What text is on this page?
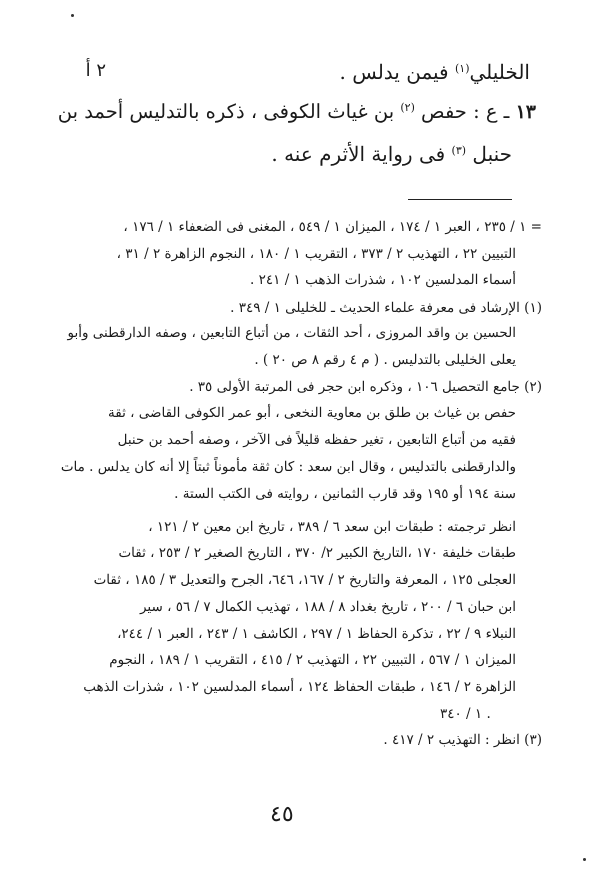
٢ أ	الخليلي$^{(١)}$ فيمن يدلس .
١٣ ـ ع : حفص $^{(٢)}$ بن غياث الكوفى ، ذكره بالتدليس أحمد بن
حنبل $^{(٣)}$ فى رواية الأثرم عنه .
= ١ / ٢٣٥ ، العبر ١ / ١٧٤ ، الميزان ١ / ٥٤٩ ، المغنى فى الضعفاء ١ / ١٧٦ ،
التبيين ٢٢ ، التهذيب ٢ / ٣٧٣ ، التقريب ١ / ١٨٠ ، النجوم الزاهرة ٢ / ٣١ ،
أسماء المدلسين ١٠٢ ، شذرات الذهب ١ / ٢٤١ .
(١) الإرشاد فى معرفة علماء الحديث ـ للخليلى ١ / ٣٤٩ .
الحسين بن واقد المروزى ، أحد الثقات ، من أتباع التابعين ، وصفه الدارقطنى وأبو
يعلى الخليلى بالتدليس . ( م ٤ رقم ٨ ص ٢٠ ) .
(٢) جامع التحصيل ١٠٦ ، وذكره ابن حجر فى المرتبة الأولى ٣٥ .
حفص بن غياث بن طلق بن معاوية النخعى ، أبو عمر الكوفى القاضى ، ثقة
فقيه من أتباع التابعين ، تغير حفظه قليلاً فى الآخر ، وصفه أحمد بن حنبل
والدارقطنى بالتدليس ، وقال ابن سعد : كان ثقة مأموناً ثبتاً إلا أنه كان يدلس . مات
سنة ١٩٤ أو ١٩٥ وقد قارب الثمانين ، روايته فى الكتب الستة .
انظر ترجمته : طبقات ابن سعد ٦ / ٣٨٩ ، تاريخ ابن معين ٢ / ١٢١ ،
طبقات خليفة ١٧٠ ،التاريخ الكبير ٢/ ٣٧٠ ، التاريخ الصغير ٢ / ٢٥٣ ، ثقات
العجلى ١٢٥ ، المعرفة والتاريخ ٢ / ١٦٧، ٦٤٦، الجرح والتعديل ٣ / ١٨٥ ، ثقات
ابن حبان ٦ / ٢٠٠ ، تاريخ بغداد ٨ / ١٨٨ ، تهذيب الكمال ٧ / ٥٦ ، سير
النبلاء ٩ / ٢٢ ، تذكرة الحفاظ ١ / ٢٩٧ ، الكاشف ١ / ٢٤٣ ، العبر ١ / ٢٤٤،
الميزان ١ / ٥٦٧ ، التبيين ٢٢ ، التهذيب ٢ / ٤١٥ ، التقريب ١ / ١٨٩ ، النجوم
الزاهرة ٢ / ١٤٦ ، طبقات الحفاظ ١٢٤ ، أسماء المدلسين ١٠٢ ، شذرات الذهب
١ / ٣٤٠ .
(٣) انظر : التهذيب ٢ / ٤١٧ .
٤٥
